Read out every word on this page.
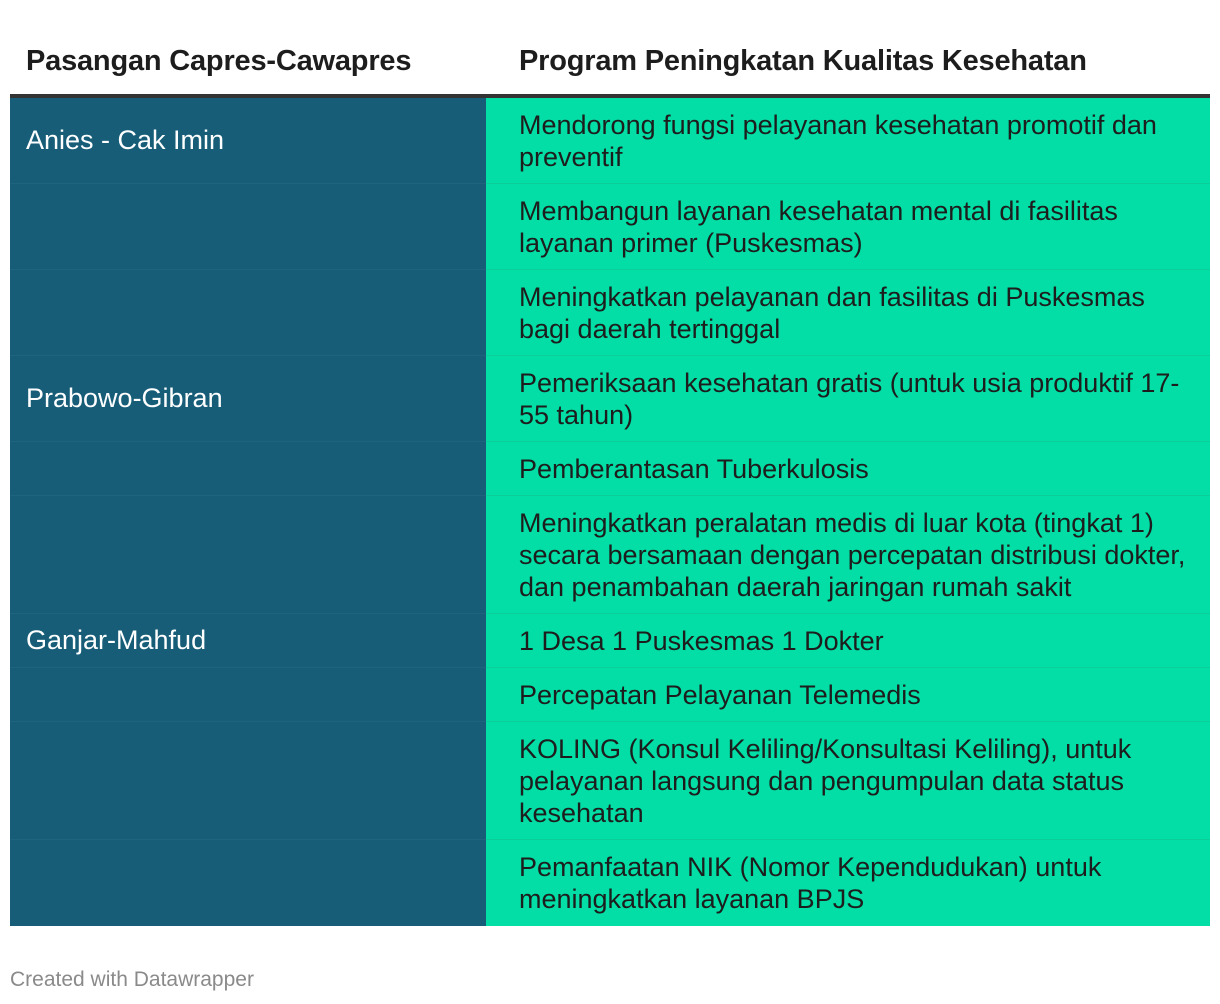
Pasangan Capres-Cawapres	Program Peningkatan Kualitas Kesehatan
Anies - Cak Imin
Mendorong fungsi pelayanan kesehatan promotif dan preventif
Membangun layanan kesehatan mental di fasilitas layanan primer (Puskesmas)
Meningkatkan pelayanan dan fasilitas di Puskesmas bagi daerah tertinggal
Prabowo-Gibran
Pemeriksaan kesehatan gratis (untuk usia produktif 17-55 tahun)
Pemberantasan Tuberkulosis
Meningkatkan peralatan medis di luar kota (tingkat 1) secara bersamaan dengan percepatan distribusi dokter, dan penambahan daerah jaringan rumah sakit
Ganjar-Mahfud	1 Desa 1 Puskesmas 1 Dokter
Percepatan Pelayanan Telemedis
KOLING (Konsul Keliling/Konsultasi Keliling), untuk pelayanan langsung dan pengumpulan data status kesehatan
Pemanfaatan NIK (Nomor Kependudukan) untuk meningkatkan layanan BPJS
Created with Datawrapper
